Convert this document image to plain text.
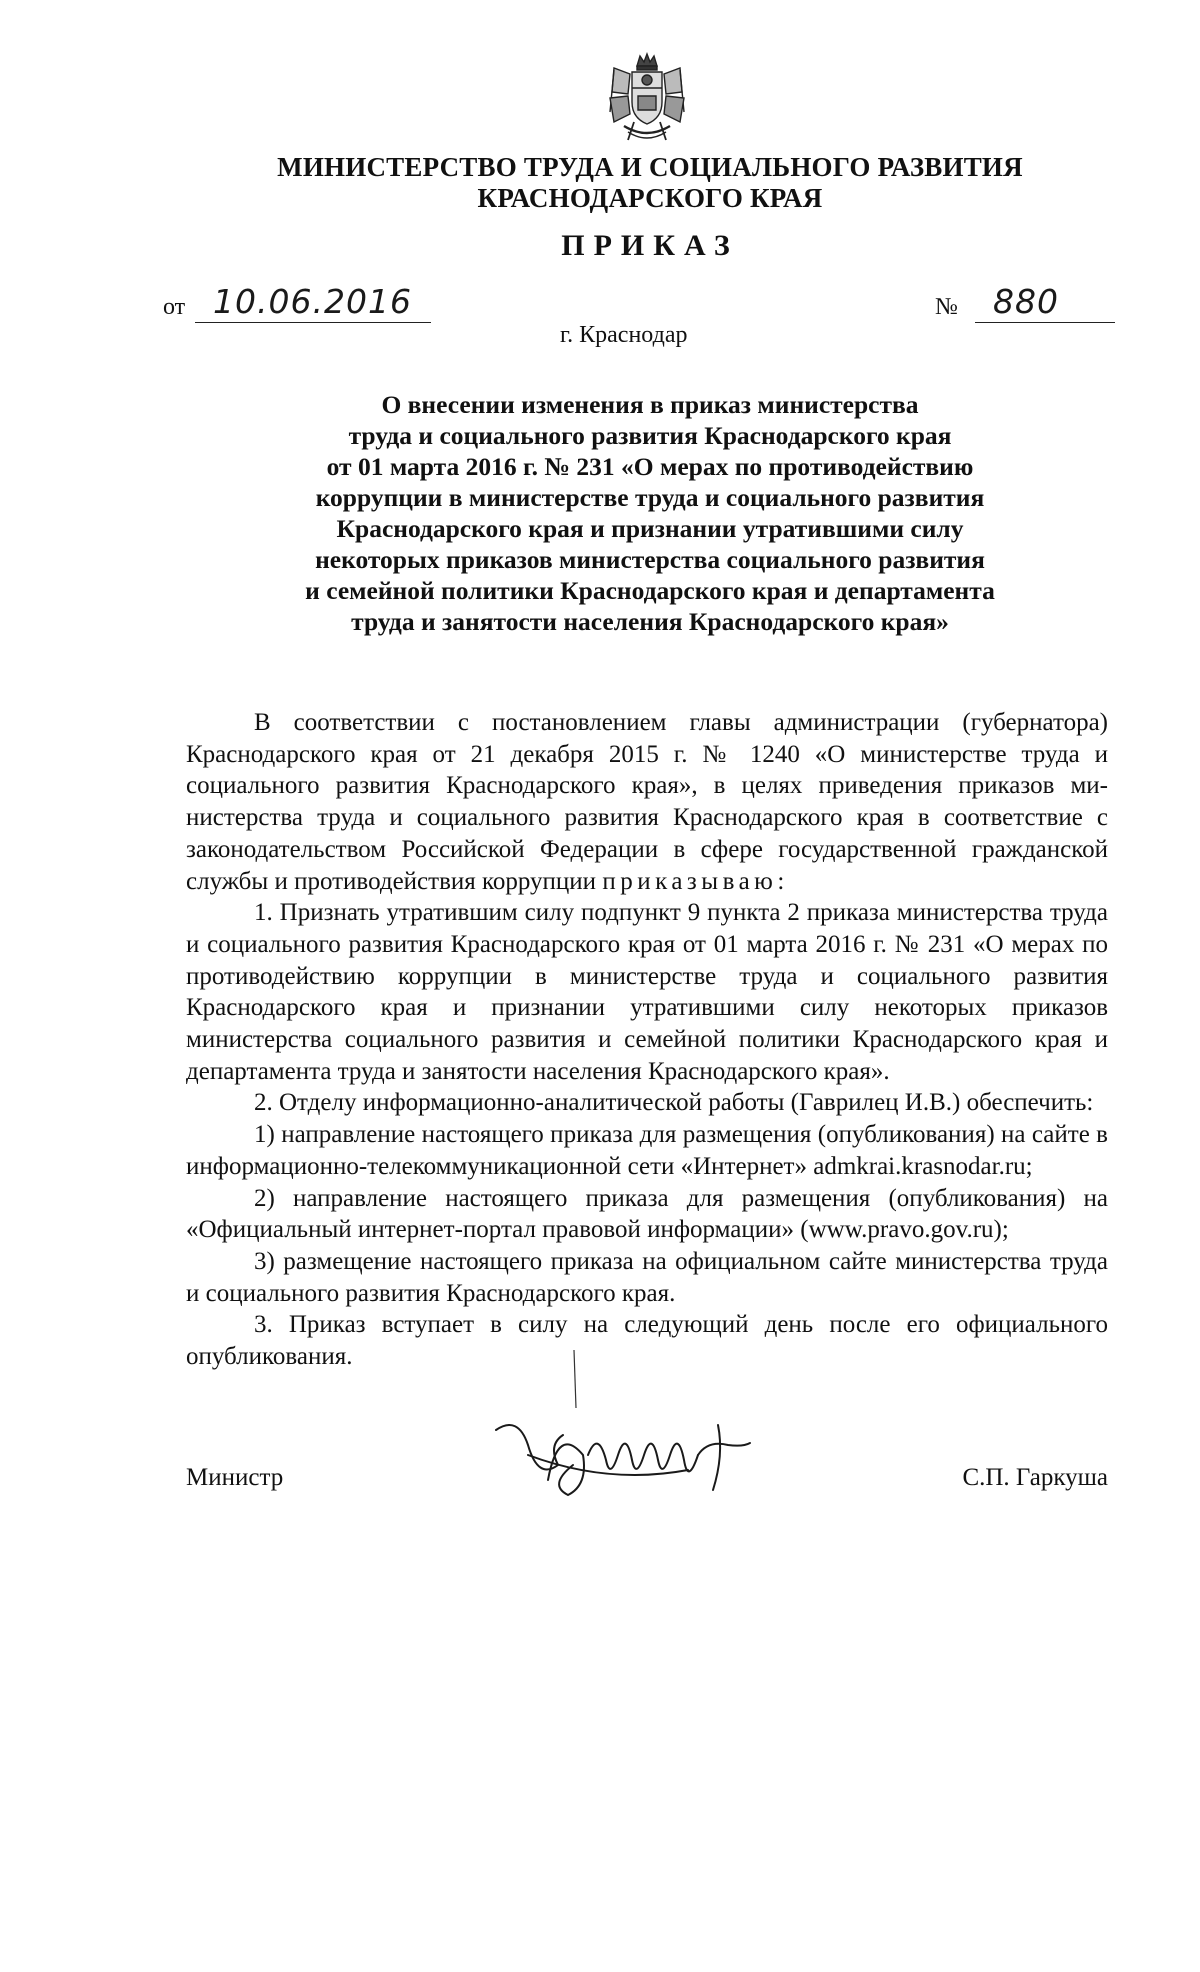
МИНИСТЕРСТВО ТРУДА И СОЦИАЛЬНОГО РАЗВИТИЯ
КРАСНОДАРСКОГО КРАЯ
ПРИКАЗ
от 10.06.2016	№ 880
г. Краснодар
О внесении изменения в приказ министерства
труда и социального развития Краснодарского края
от 01 марта 2016 г. № 231 «О мерах по противодействию
коррупции в министерстве труда и социального развития
Краснодарского края и признании утратившими силу
некоторых приказов министерства социального развития
и семейной политики Краснодарского края и департамента
труда и занятости населения Краснодарского края»

В соответствии с постановлением главы администрации (губернатора) Краснодарского края от 21 декабря 2015 г. № 1240 «О министерстве труда и социального развития Краснодарского края», в целях приведения приказов министерства труда и социального развития Краснодарского края в соответствие с законодательством Российской Федерации в сфере государственной гражданской службы и противодействия коррупции приказываю:

1. Признать утратившим силу подпункт 9 пункта 2 приказа министерства труда и социального развития Краснодарского края от 01 марта 2016 г. № 231 «О мерах по противодействию коррупции в министерстве труда и социального развития Краснодарского края и признании утратившими силу некоторых приказов министерства социального развития и семейной политики Краснодарского края и департамента труда и занятости населения Краснодарского края».

2. Отделу информационно-аналитической работы (Гаврилец И.В.) обеспечить:

1) направление настоящего приказа для размещения (опубликования) на сайте в информационно-телекоммуникационной сети «Интернет» admkrai.krasnodar.ru;

2) направление настоящего приказа для размещения (опубликования) на «Официальный интернет-портал правовой информации» (www.pravo.gov.ru);

3) размещение настоящего приказа на официальном сайте министерства труда и социального развития Краснодарского края.

3. Приказ вступает в силу на следующий день после его официального опубликования.

Министр	С.П. Гаркуша
